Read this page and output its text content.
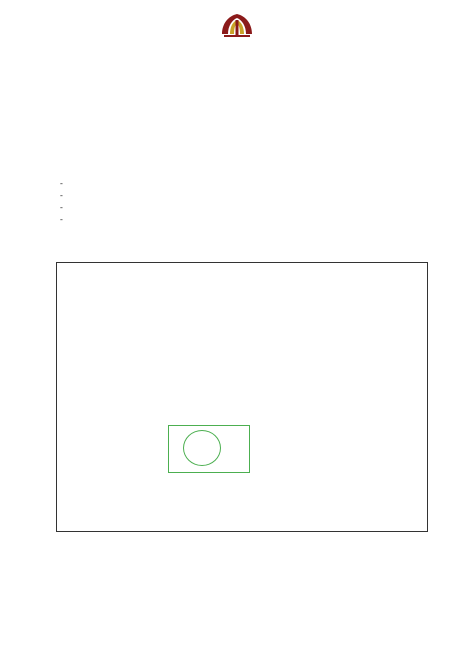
-
-
-
-
